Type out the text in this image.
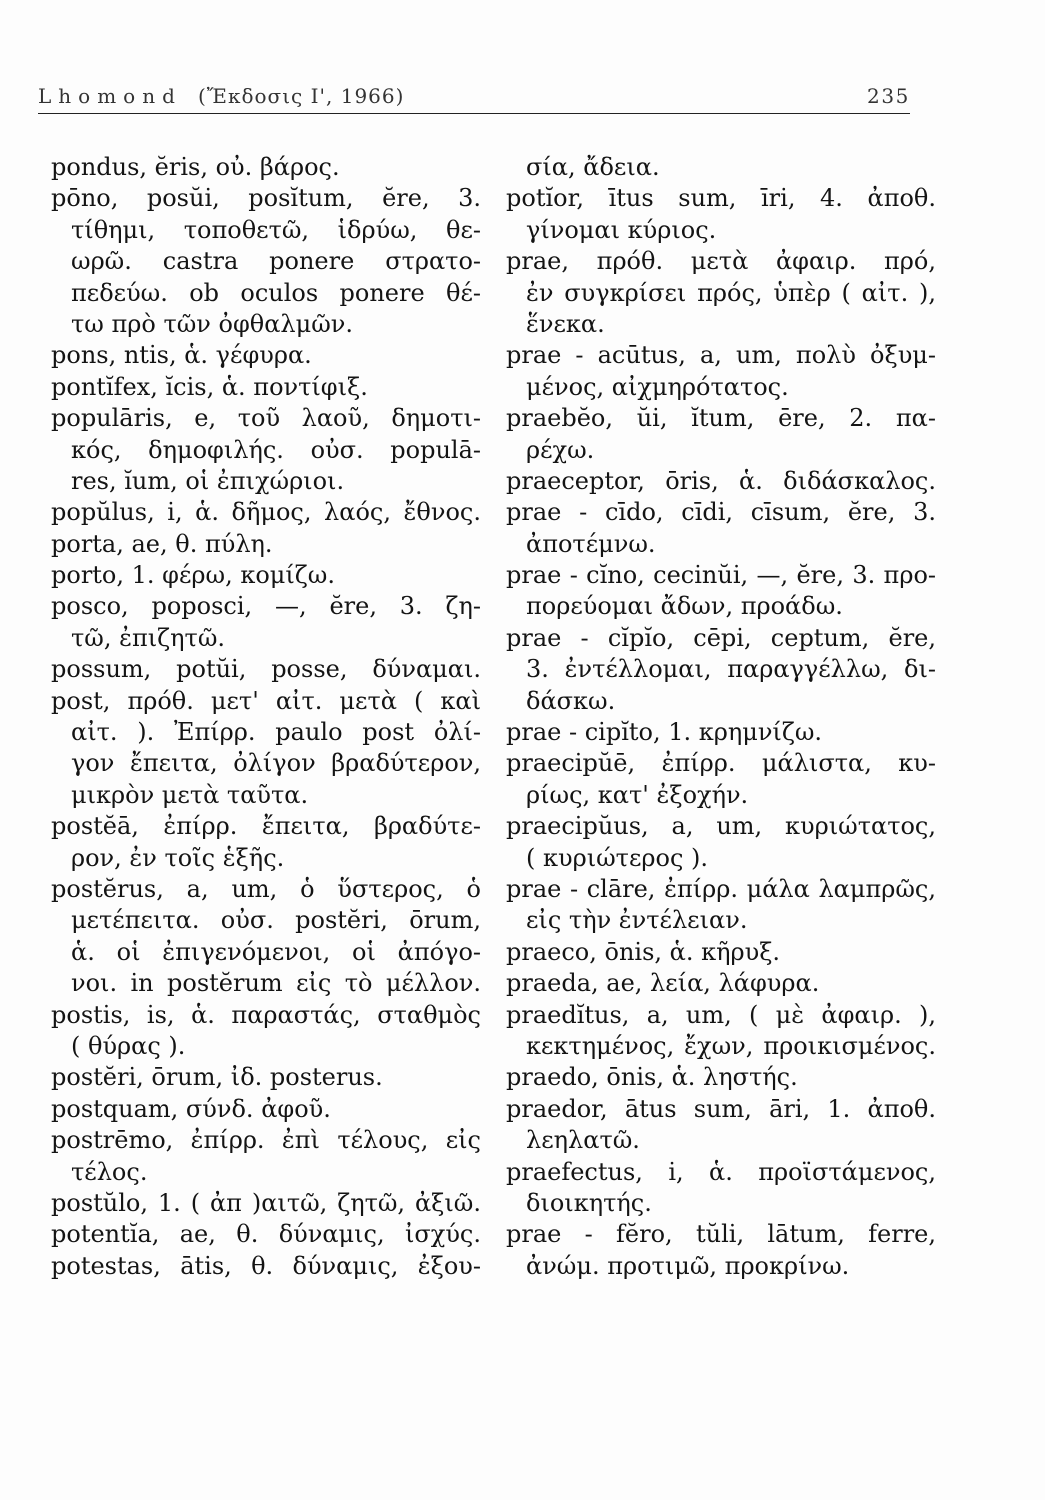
Lhomond (Ἔκδοσις Ι', 1966)	235
pondus, ĕris, οὐ. βάρος.
pōno, posŭi, posĭtum, ĕre, 3.
τίθημι, τοποθετῶ, ἱδρύω, θε-
ωρῶ. castra ponere στρατο-
πεδεύω. ob oculos ponere θέ-
τω πρὸ τῶν ὀφθαλμῶν.
pons, ntis, ἁ. γέφυρα.
pontĭfex, ĭcis, ἁ. ποντίφιξ.
populāris, e, τοῦ λαοῦ, δημοτι-
κός, δημοφιλής. οὐσ. populā-
res, ĭum, οἱ ἐπιχώριοι.
popŭlus, i, ἁ. δῆμος, λαός, ἔθνος.
porta, ae, θ. πύλη.
porto, 1. φέρω, κομίζω.
posco, poposci, —, ĕre, 3. ζη-
τῶ, ἐπιζητῶ.
possum, potŭi, posse, δύναμαι.
post, πρόθ. μετ' αἰτ. μετὰ ( καὶ
αἰτ. ). Ἐπίρρ. paulo post ὀλί-
γον ἔπειτα, ὀλίγον βραδύτερον,
μικρὸν μετὰ ταῦτα.
postĕā, ἐπίρρ. ἔπειτα, βραδύτε-
ρον, ἐν τοῖς ἑξῆς.
postĕrus, a, um, ὁ ὕστερος, ὁ
μετέπειτα. οὐσ. postĕri, ōrum,
ἁ. οἱ ἐπιγενόμενοι, οἱ ἀπόγο-
νοι. in postĕrum εἰς τὸ μέλλον.
postis, is, ἁ. παραστάς, σταθμὸς
( θύρας ).
postĕri, ōrum, ἰδ. posterus.
postquam, σύνδ. ἀφοῦ.
postrēmo, ἐπίρρ. ἐπὶ τέλους, εἰς
τέλος.
postŭlo, 1. ( ἀπ )αιτῶ, ζητῶ, ἀξιῶ.
potentĭa, ae, θ. δύναμις, ἰσχύς.
potestas, ātis, θ. δύναμις, ἐξου-
σία, ἄδεια.
potĭor, ītus sum, īri, 4. ἀποθ.
γίνομαι κύριος.
prae, πρόθ. μετὰ ἀφαιρ. πρό,
ἐν συγκρίσει πρός, ὑπὲρ ( αἰτ. ),
ἕνεκα.
prae - acūtus, a, um, πολὺ ὀξυμ-
μένος, αἰχμηρότατος.
praebĕo, ŭi, ĭtum, ēre, 2. πα-
ρέχω.
praeceptor, ōris, ἁ. διδάσκαλος.
prae - cīdo, cīdi, cīsum, ĕre, 3.
ἀποτέμνω.
prae - cĭno, cecinŭi, —, ĕre, 3. προ-
πορεύομαι ἄδων, προάδω.
prae - cĭpĭo, cēpi, ceptum, ĕre,
3. ἐντέλλομαι, παραγγέλλω, δι-
δάσκω.
prae - cipĭto, 1. κρημνίζω.
praecipŭē, ἐπίρρ. μάλιστα, κυ-
ρίως, κατ' ἐξοχήν.
praecipŭus, a, um, κυριώτατος,
( κυριώτερος ).
prae - clāre, ἐπίρρ. μάλα λαμπρῶς,
εἰς τὴν ἐντέλειαν.
praeco, ōnis, ἁ. κῆρυξ.
praeda, ae, λεία, λάφυρα.
praedĭtus, a, um, ( μὲ ἀφαιρ. ),
κεκτημένος, ἔχων, προικισμένος.
praedo, ōnis, ἁ. ληστής.
praedor, ātus sum, āri, 1. ἀποθ.
λεηλατῶ.
praefectus, i, ἁ. προϊστάμενος,
διοικητής.
prae - fĕro, tŭli, lātum, ferre,
ἀνώμ. προτιμῶ, προκρίνω.
